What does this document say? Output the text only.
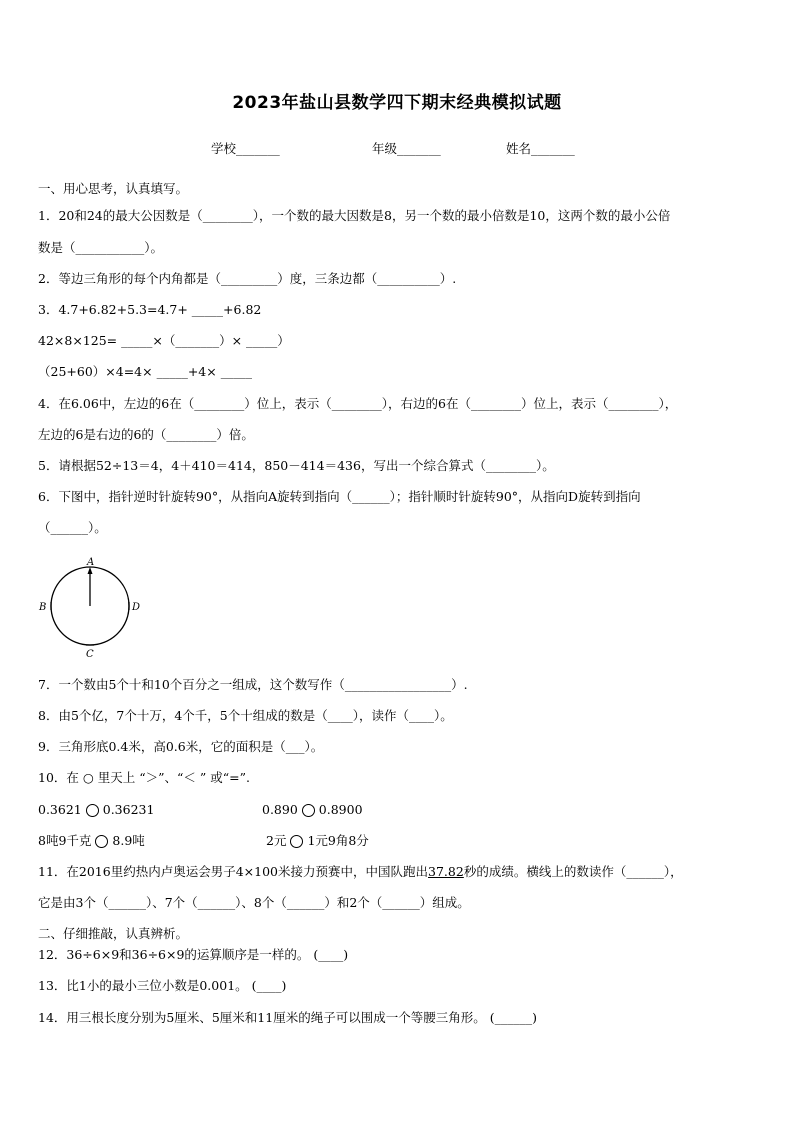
2023年盐山县数学四下期末经典模拟试题
学校_______	年级_______	姓名_______
一、用心思考，认真填写。
1．20和24的最大公因数是（________），一个数的最大因数是8，另一个数的最小倍数是10，这两个数的最小公倍
数是（___________）。
2．等边三角形的每个内角都是（_________）度，三条边都（__________）.
3．4.7+6.82+5.3=4.7+ _____+6.82
42×8×125= _____×（_______）× _____）
（25+60）×4=4× _____+4× _____
4．在6.06中，左边的6在（________）位上，表示（________），右边的6在（________）位上，表示（________），
左边的6是右边的6的（________）倍。
5．请根据52÷13＝4，4＋410＝414，850－414＝436，写出一个综合算式（________）。
6．下图中，指针逆时针旋转90°，从指向A旋转到指向（______）；指针顺时针旋转90°，从指向D旋转到指向
（______）。
A
B	D
C
7．一个数由5个十和10个百分之一组成，这个数写作（_________________）.
8．由5个亿，7个十万，4个千，5个十组成的数是（____），读作（____）。
9．三角形底0.4米，高0.6米，它的面积是（___）。
10．在 ○ 里天上 “＞”、“＜ ” 或“=”.
0.3621 0.36231	0.890 0.8900
8吨9千克 8.9吨	2元 1元9角8分
11．在2016里约热内卢奥运会男子4×100米接力预赛中，中国队跑出37.82秒的成绩。横线上的数读作（______），
它是由3个（______）、7个（______）、8个（______）和2个（______）组成。
二、仔细推敲，认真辨析。
12．36÷6×9和36÷6×9的运算顺序是一样的。 (____)
13．比1小的最小三位小数是0.001。 (____)
14．用三根长度分别为5厘米、5厘米和11厘米的绳子可以围成一个等腰三角形。 (______)
